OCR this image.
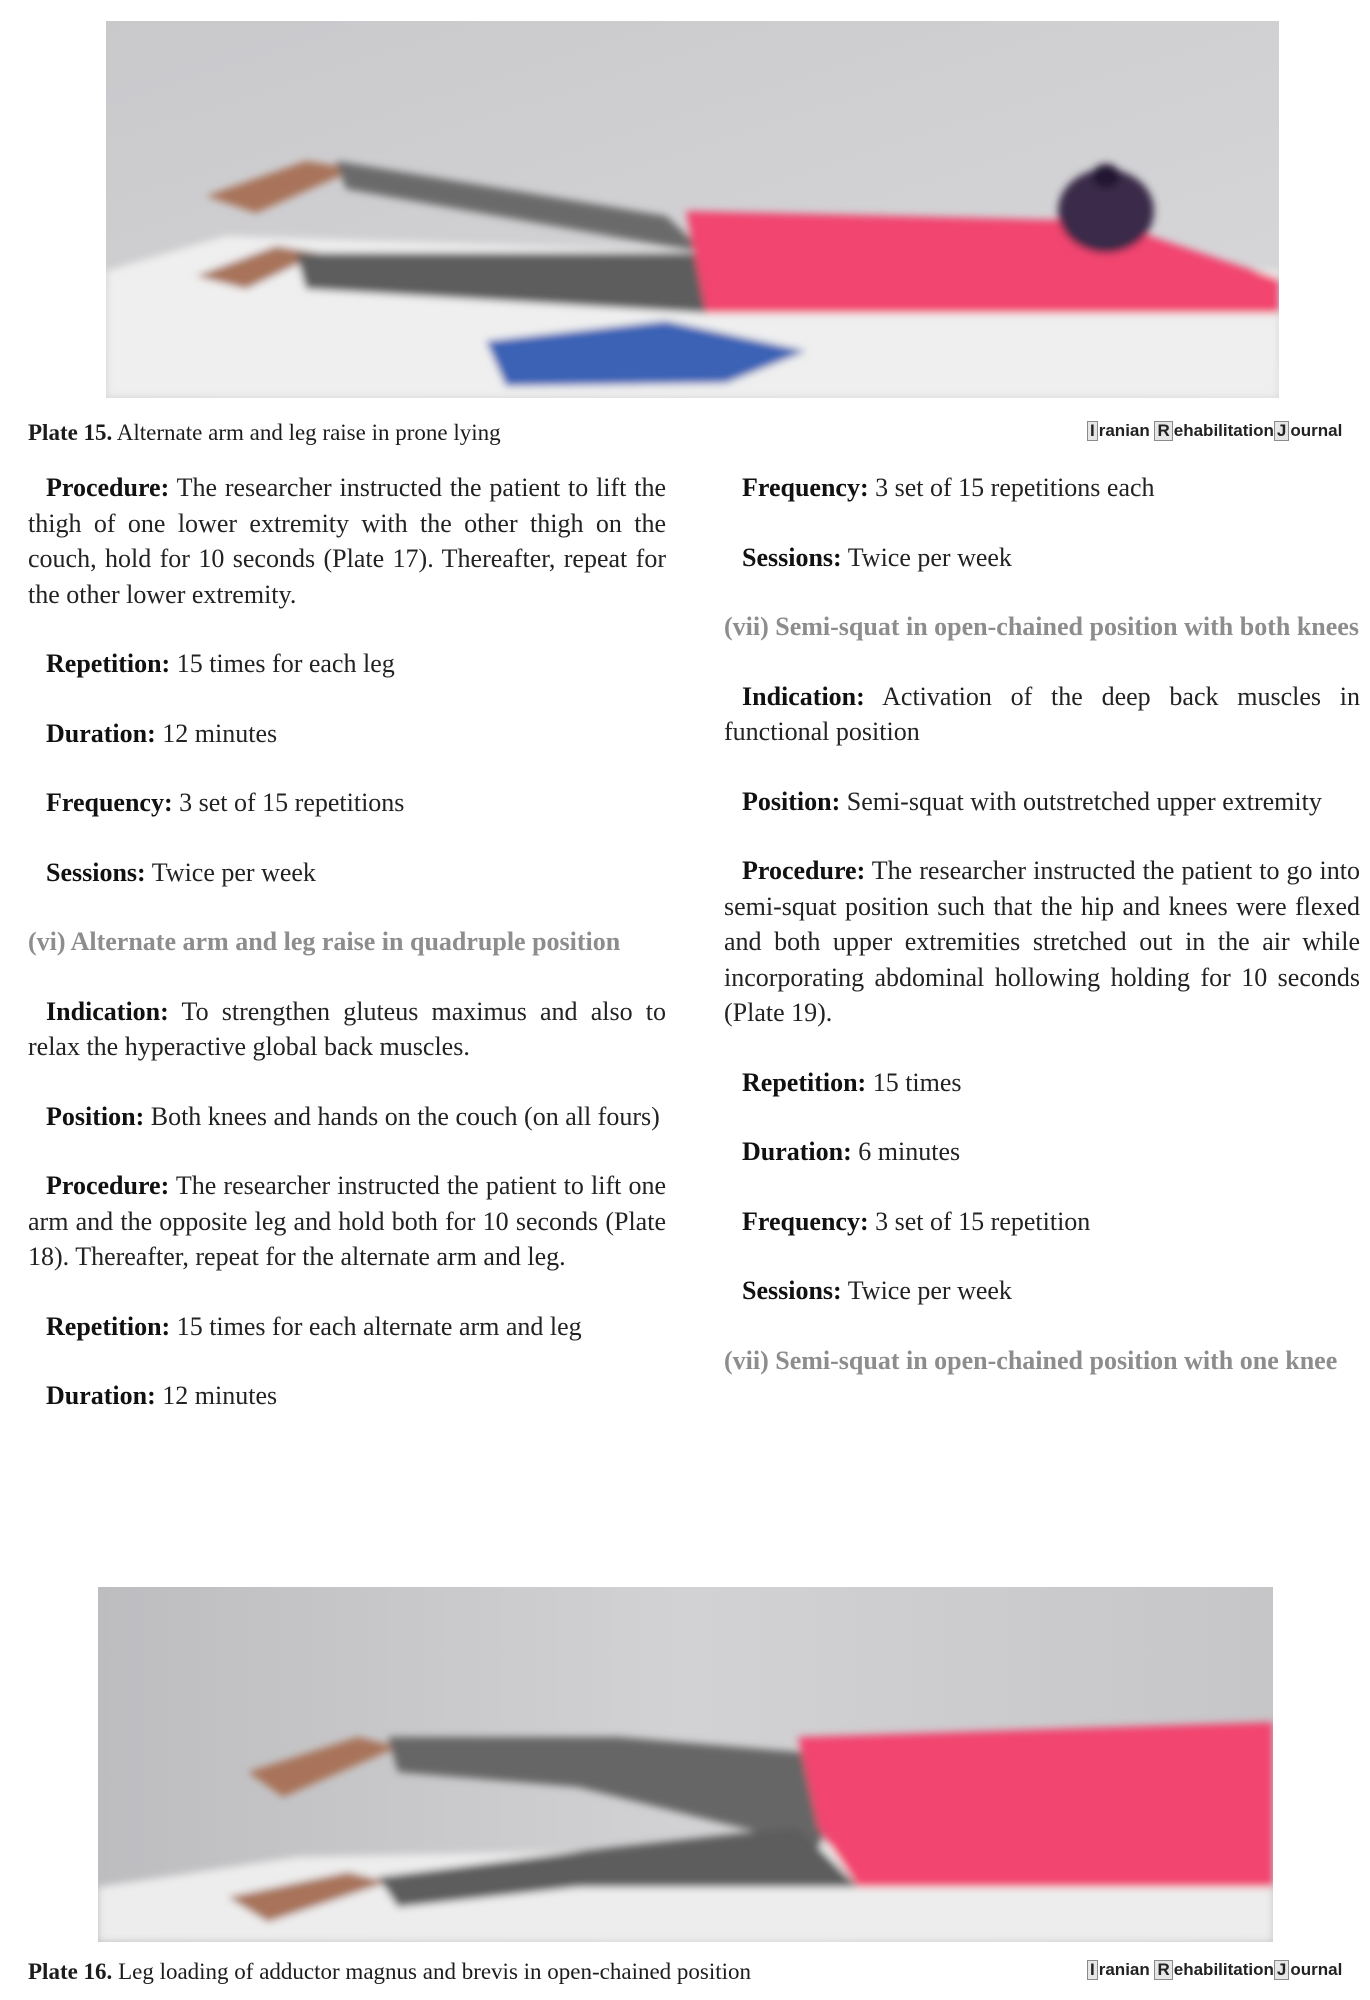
Plate 15. Alternate arm and leg raise in prone lying	I ranian R ehabilitation J ournal

Procedure: The researcher instructed the patient to lift the thigh of one lower extremity with the other thigh on the couch, hold for 10 seconds (Plate 17). Thereafter, repeat for the other lower extremity.

Repetition: 15 times for each leg

Duration: 12 minutes

Frequency: 3 set of 15 repetitions

Sessions: Twice per week

(vi) Alternate arm and leg raise in quadruple position

Indication: To strengthen gluteus maximus and also to relax the hyperactive global back muscles.

Position: Both knees and hands on the couch (on all fours)

Procedure: The researcher instructed the patient to lift one arm and the opposite leg and hold both for 10 seconds (Plate 18). Thereafter, repeat for the alternate arm and leg.

Repetition: 15 times for each alternate arm and leg

Duration: 12 minutes

Frequency: 3 set of 15 repetitions each

Sessions: Twice per week

(vii) Semi-squat in open-chained position with both knees

Indication: Activation of the deep back muscles in functional position

Position: Semi-squat with outstretched upper extremity

Procedure: The researcher instructed the patient to go into semi-squat position such that the hip and knees were flexed and both upper extremities stretched out in the air while incorporating abdominal hollowing holding for 10 seconds (Plate 19).

Repetition: 15 times

Duration: 6 minutes

Frequency: 3 set of 15 repetition

Sessions: Twice per week

(vii) Semi-squat in open-chained position with one knee

Plate 16. Leg loading of adductor magnus and brevis in open-chained position	I ranian R ehabilitation J ournal
